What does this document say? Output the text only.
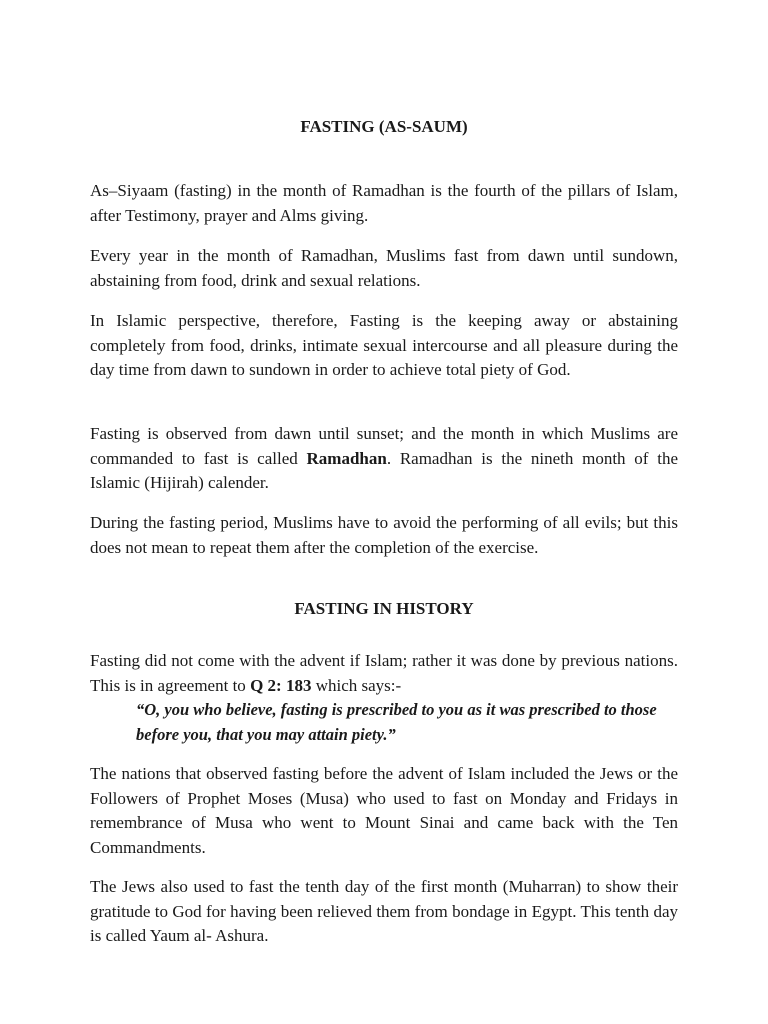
FASTING (AS-SAUM)

As–Siyaam (fasting) in the month of Ramadhan is the fourth of the pillars of Islam, after Testimony, prayer and Alms giving.

Every year in the month of Ramadhan, Muslims fast from dawn until sundown, abstaining from food, drink and sexual relations.

In Islamic perspective, therefore, Fasting is the keeping away or abstaining completely from food, drinks, intimate sexual intercourse and all pleasure during the day time from dawn to sundown in order to achieve total piety of God.

Fasting is observed from dawn until sunset; and the month in which Muslims are commanded to fast is called Ramadhan. Ramadhan is the nineth month of the Islamic (Hijirah) calender.

During the fasting period, Muslims have to avoid the performing of all evils; but this does not mean to repeat them after the completion of the exercise.

FASTING IN HISTORY

Fasting did not come with the advent if Islam; rather it was done by previous nations. This is in agreement to Q 2: 183 which says:-

“O, you who believe, fasting is prescribed to you as it was prescribed to those before you, that you may attain piety.”

The nations that observed fasting before the advent of Islam included the Jews or the Followers of Prophet Moses (Musa) who used to fast on Monday and Fridays in remembrance of Musa who went to Mount Sinai and came back with the Ten Commandments.

The Jews also used to fast the tenth day of the first month (Muharran) to show their gratitude to God for having been relieved them from bondage in Egypt. This tenth day is called Yaum al- Ashura.
